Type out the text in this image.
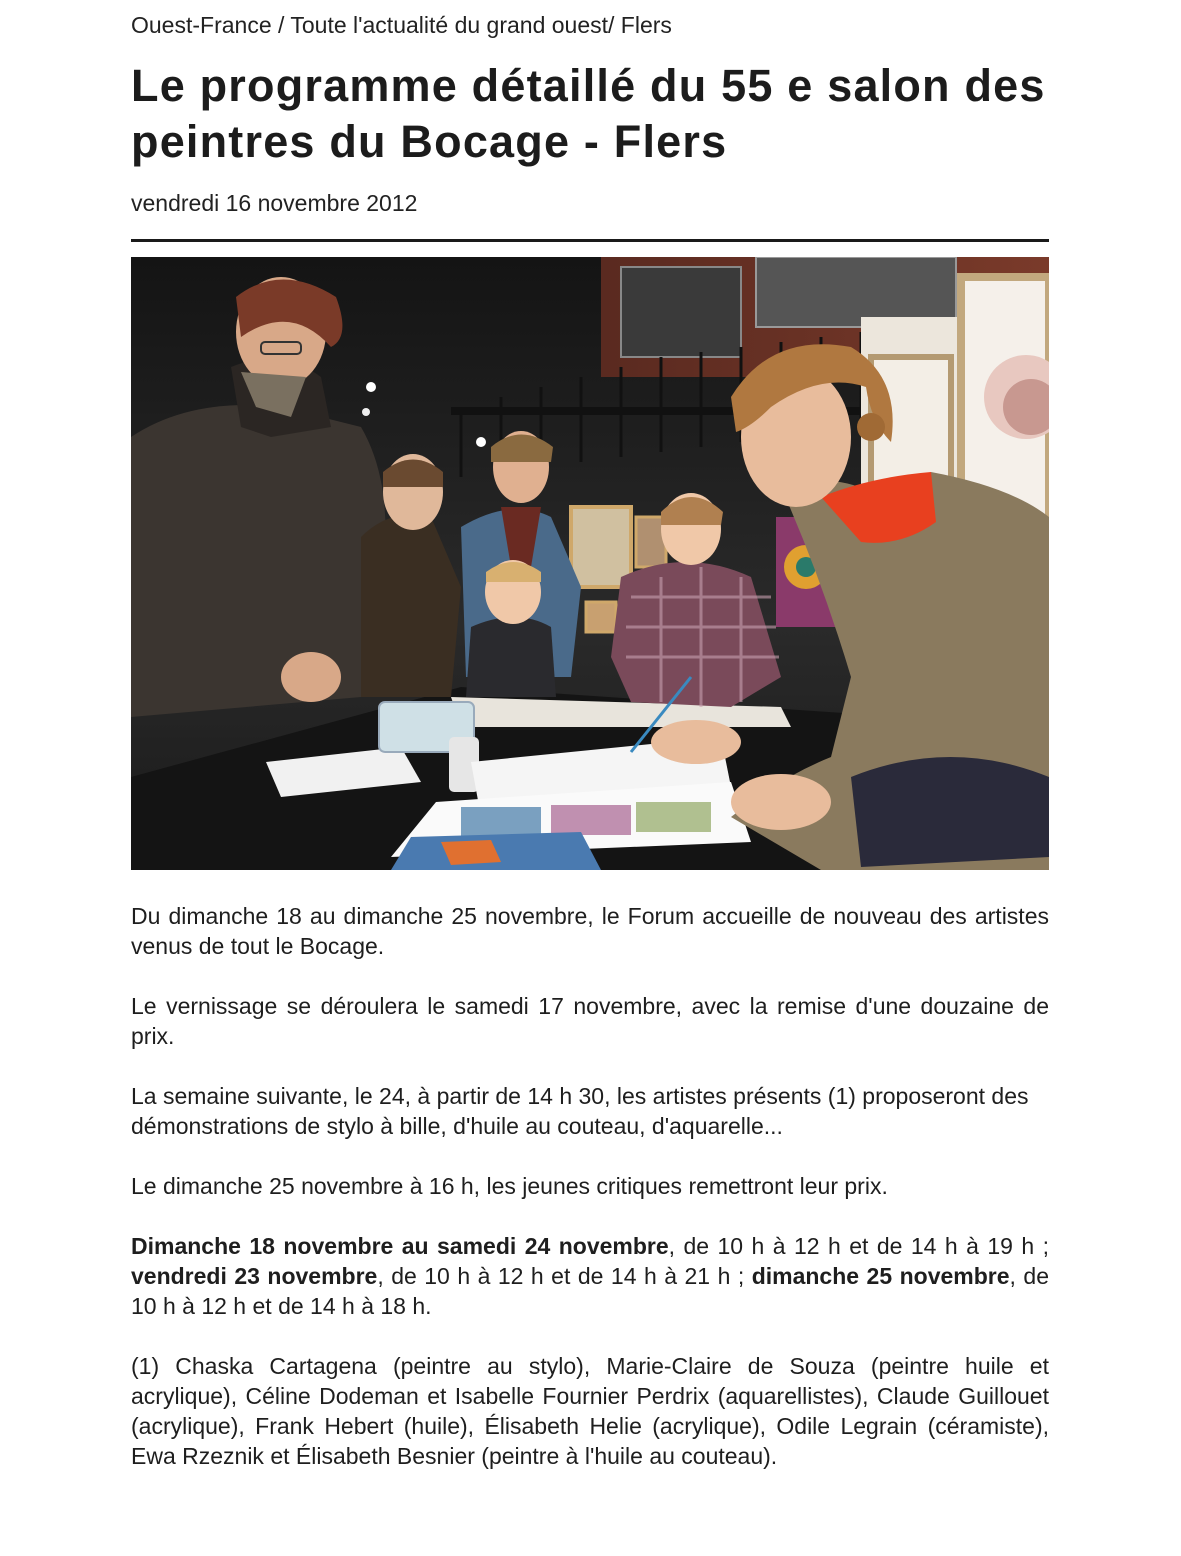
Ouest-France / Toute l'actualité du grand ouest/ Flers
Le programme détaillé du 55 e salon des peintres du Bocage - Flers
vendredi 16 novembre 2012

Du dimanche 18 au dimanche 25 novembre, le Forum accueille de nouveau des artistes venus de tout le Bocage.

Le vernissage se déroulera le samedi 17 novembre, avec la remise d'une douzaine de prix.

La semaine suivante, le 24, à partir de 14 h 30, les artistes présents (1) proposeront des démonstrations de stylo à bille, d'huile au couteau, d'aquarelle...

Le dimanche 25 novembre à 16 h, les jeunes critiques remettront leur prix.

Dimanche 18 novembre au samedi 24 novembre, de 10 h à 12 h et de 14 h à 19 h ; vendredi 23 novembre, de 10 h à 12 h et de 14 h à 21 h ; dimanche 25 novembre, de 10 h à 12 h et de 14 h à 18 h.

(1) Chaska Cartagena (peintre au stylo), Marie-Claire de Souza (peintre huile et acrylique), Céline Dodeman et Isabelle Fournier Perdrix (aquarellistes), Claude Guillouet (acrylique), Frank Hebert (huile), Élisabeth Helie (acrylique), Odile Legrain (céramiste), Ewa Rzeznik et Élisabeth Besnier (peintre à l'huile au couteau).
